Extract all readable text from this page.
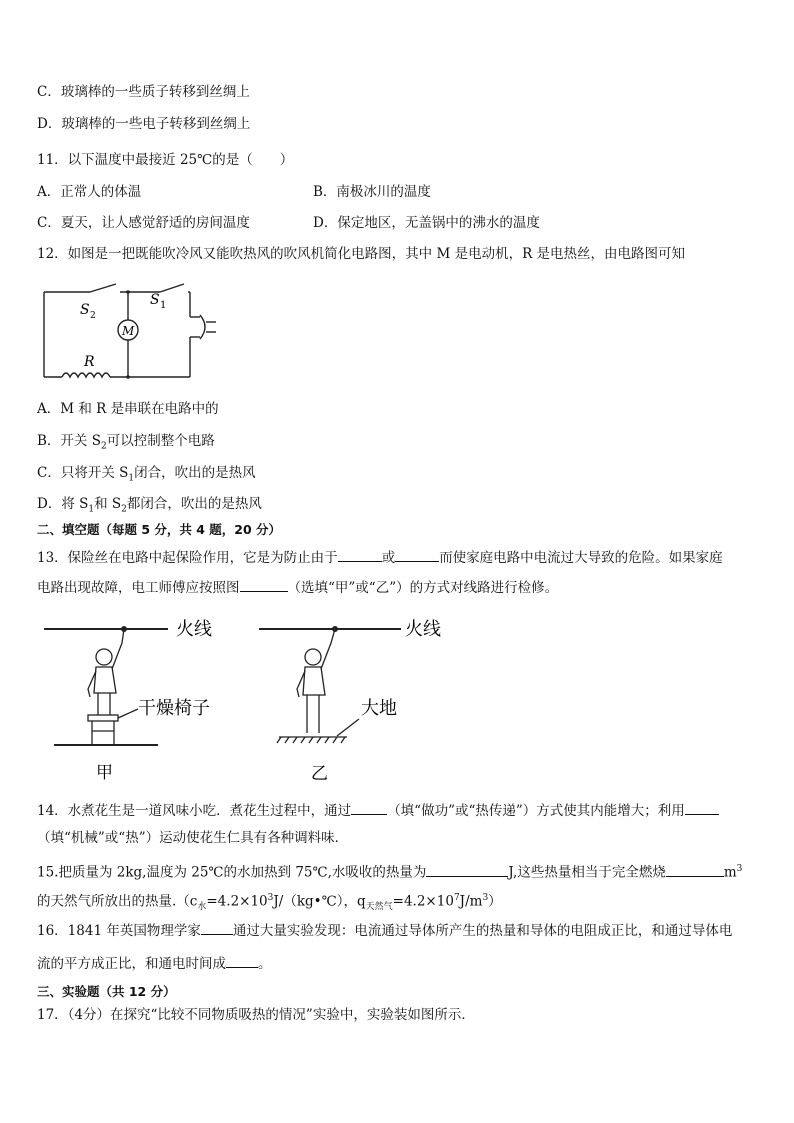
C．玻璃棒的一些质子转移到丝绸上
D．玻璃棒的一些电子转移到丝绸上
11．以下温度中最接近 25℃的是（　　）
A．正常人的体温	B．南极冰川的温度
C．夏天，让人感觉舒适的房间温度	D．保定地区，无盖锅中的沸水的温度
12．如图是一把既能吹冷风又能吹热风的吹风机简化电路图，其中 M 是电动机，R 是电热丝，由电路图可知
S 2
S 1
M
R
A．M 和 R 是串联在电路中的
B．开关 $S_2$可以控制整个电路
C．只将开关 $S_1$闭合，吹出的是热风
D．将 $S_1$和 $S_2$都闭合，吹出的是热风
二、填空题（每题 5 分，共 4 题，20 分）
13．保险丝在电路中起保险作用，它是为防止由于	或	而使家庭电路中电流过大导致的危险。如果家庭
电路出现故障，电工师傅应按照图	（选填“甲”或“乙”）的方式对线路进行检修。
火线
干燥椅子
甲
火线
大地
乙
14．水煮花生是一道风味小吃．煮花生过程中，通过	（填“做功”或“热传递”）方式使其内能增大；利用
（填“机械”或“热”）运动使花生仁具有各种调料味．
15.把质量为 2kg,温度为 25℃的水加热到 75℃,水吸收的热量为	J,这些热量相当于完全燃烧	$m^3$
的天然气所放出的热量$.(c_水=4.2\times 10^3J/(kg•℃)$，$q_{天然气}=4.2\times 10^7J/m^3$）
16．1841 年英国物理学家 通过大量实验发现：电流通过导体所产生的热量和导体的电阻成正比，和通过导体电
流的平方成正比，和通电时间成 。
三、实验题（共 12 分）
17．（4分）在探究“比较不同物质吸热的情况”实验中，实验装如图所示．
